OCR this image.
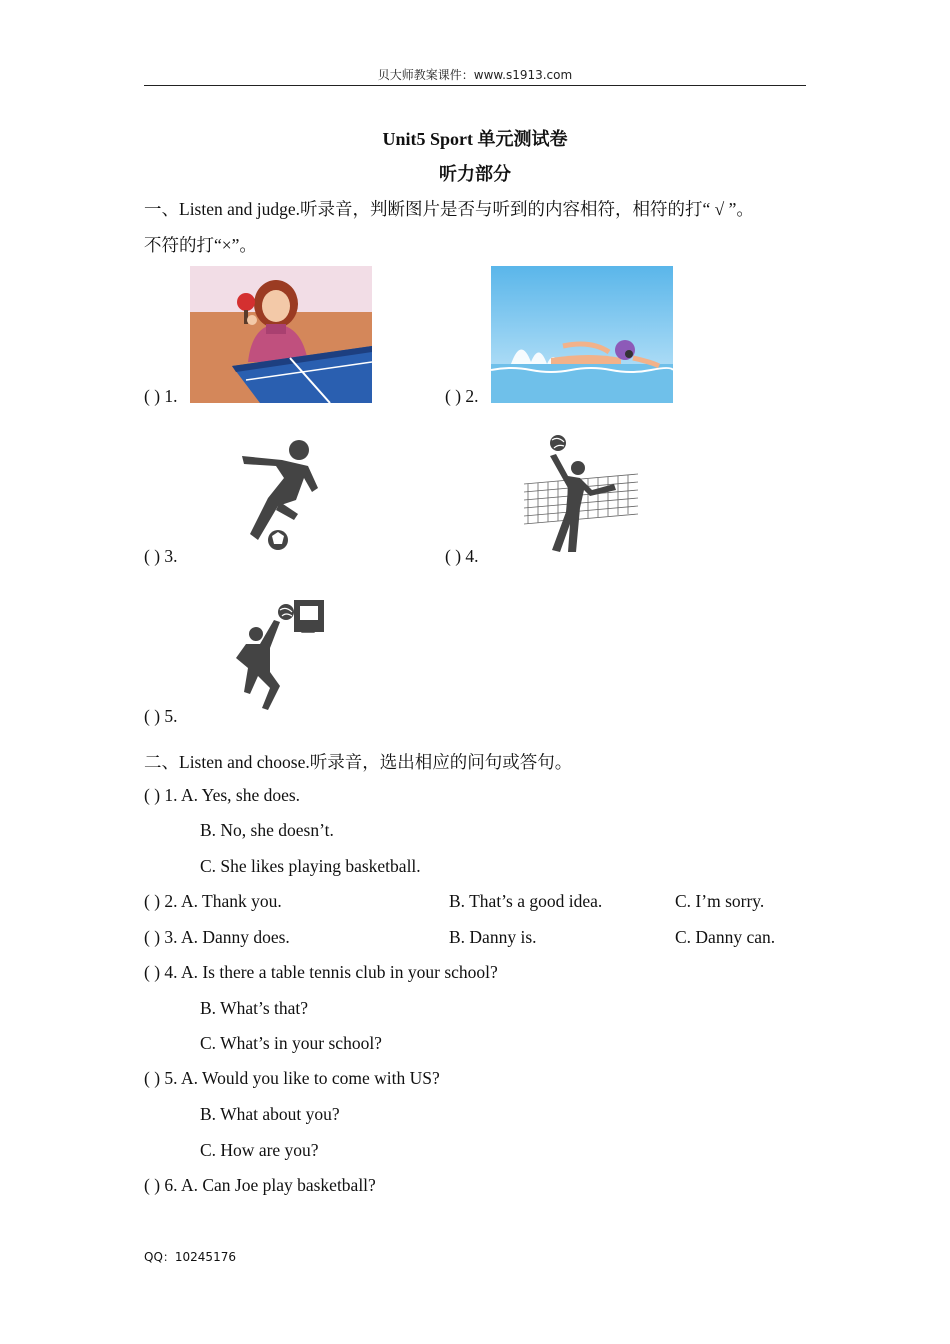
贝大师教案课件：www.s1913.com
Unit5 Sport 单元测试卷
听力部分
一、Listen and judge.听录音，判断图片是否与听到的内容相符，相符的打“ √ ”。
不符的打“×”。
( ) 1.	( ) 2.
( ) 3.	( ) 4.
( ) 5.
二、Listen and choose.听录音，选出相应的问句或答句。
( ) 1. A. Yes, she does.
B. No, she doesn’t.
C. She likes playing basketball.
( ) 2. A. Thank you.	B. That’s a good idea.	C. I’m sorry.
( ) 3. A. Danny does.	B. Danny is.	C. Danny can.
( ) 4. A. Is there a table tennis club in your school?
B. What’s that?
C. What’s in your school?
( ) 5. A. Would you like to come with US?
B. What about you?
C. How are you?
( ) 6. A. Can Joe play basketball?
QQ：10245176
